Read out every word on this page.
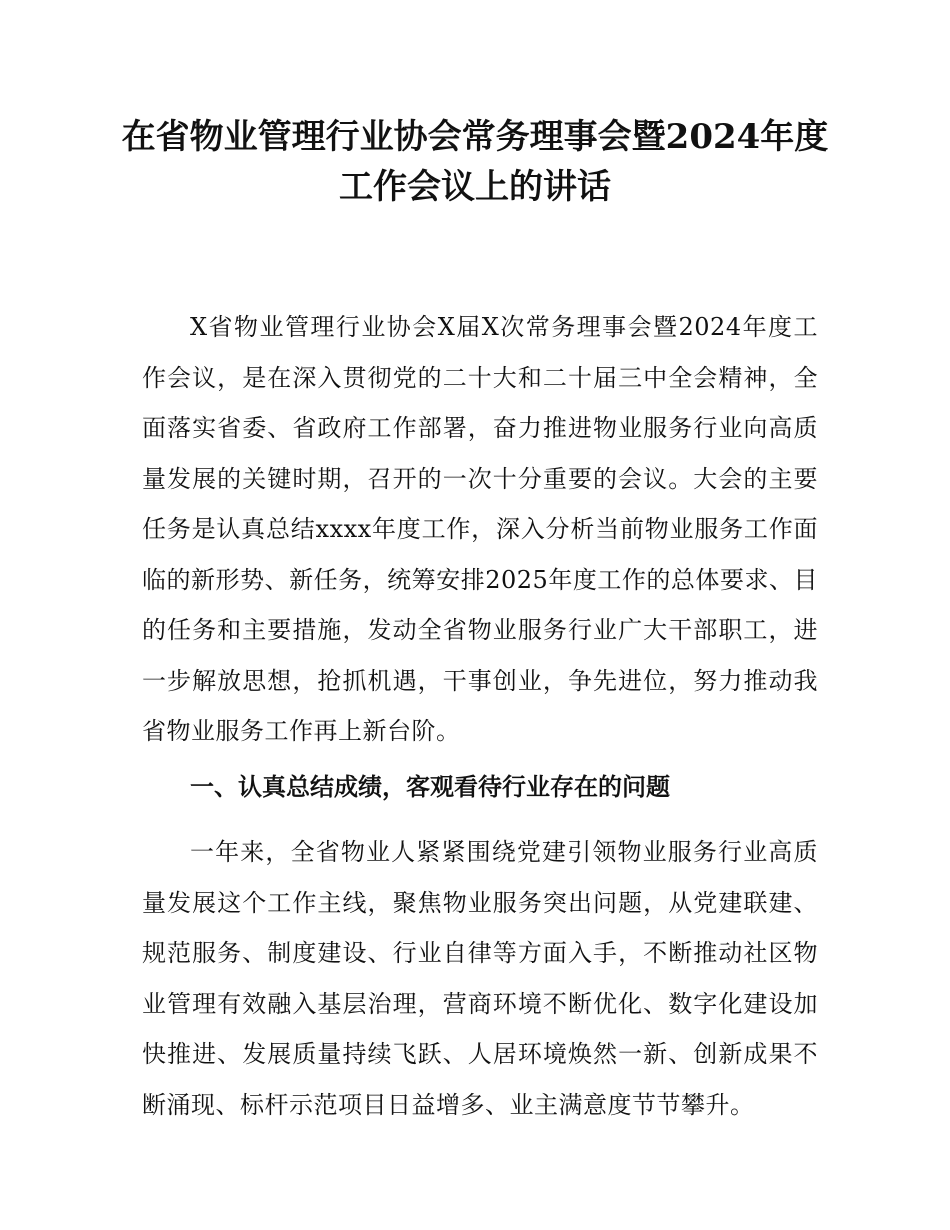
在省物业管理行业协会常务理事会暨2024年度工作会议上的讲话

X省物业管理行业协会X届X次常务理事会暨2024年度工作会议，是在深入贯彻党的二十大和二十届三中全会精神，全面落实省委、省政府工作部署，奋力推进物业服务行业向高质量发展的关键时期，召开的一次十分重要的会议。大会的主要任务是认真总结xxxx年度工作，深入分析当前物业服务工作面临的新形势、新任务，统筹安排2025年度工作的总体要求、目的任务和主要措施，发动全省物业服务行业广大干部职工，进一步解放思想，抢抓机遇，干事创业，争先进位，努力推动我省物业服务工作再上新台阶。

一、认真总结成绩，客观看待行业存在的问题

一年来，全省物业人紧紧围绕党建引领物业服务行业高质量发展这个工作主线，聚焦物业服务突出问题，从党建联建、规范服务、制度建设、行业自律等方面入手，不断推动社区物业管理有效融入基层治理，营商环境不断优化、数字化建设加快推进、发展质量持续飞跃、人居环境焕然一新、创新成果不断涌现、标杆示范项目日益增多、业主满意度节节攀升。
